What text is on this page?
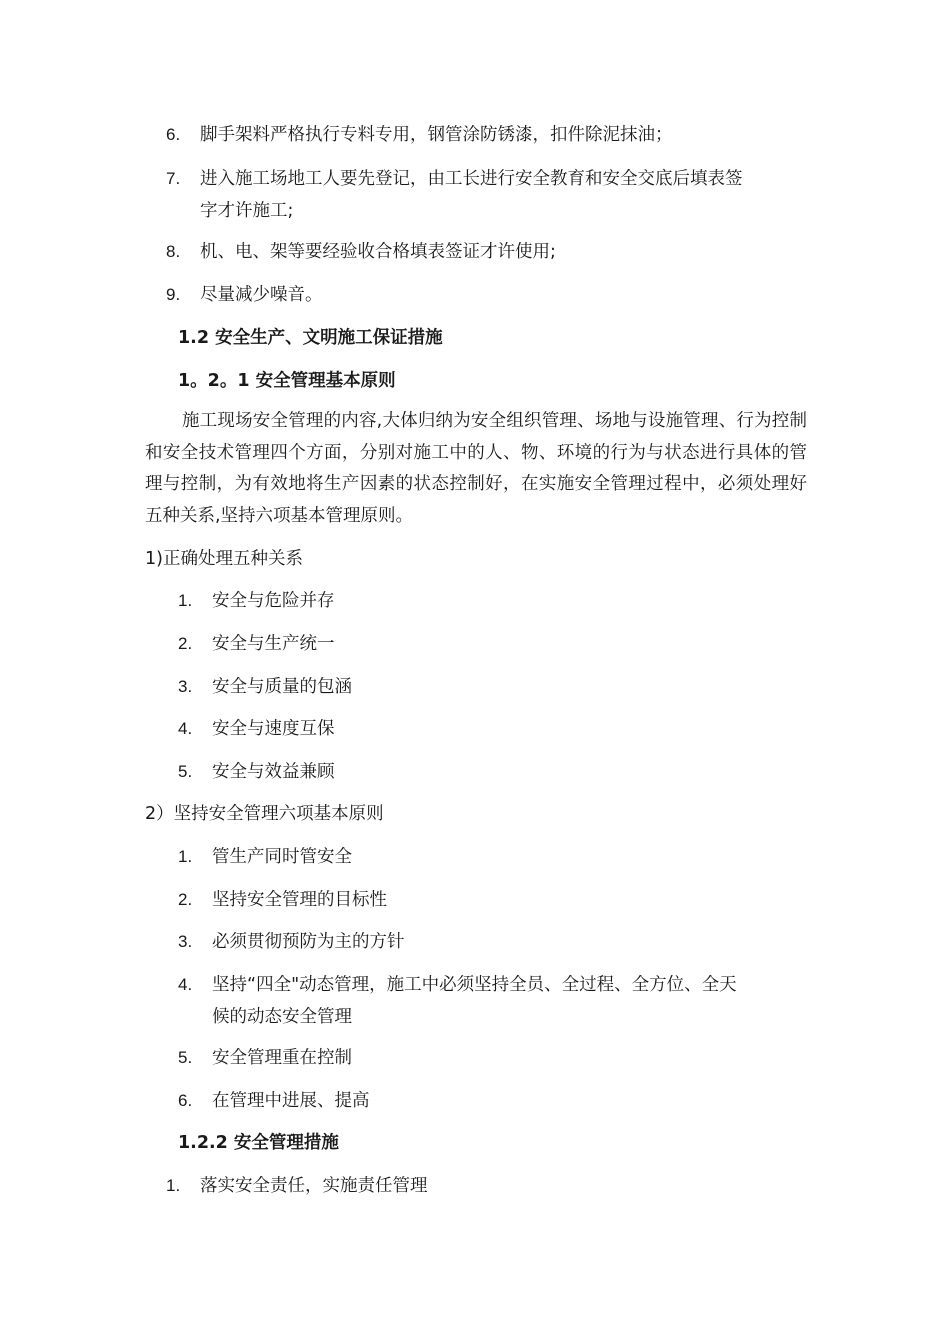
6. 脚手架料严格执行专料专用，钢管涂防锈漆，扣件除泥抹油；
7. 进入施工场地工人要先登记，由工长进行安全教育和安全交底后填表签
字才许施工;
8. 机、电、架等要经验收合格填表签证才许使用;
9. 尽量减少噪音。
1.2 安全生产、文明施工保证措施
1。2。1 安全管理基本原则
施工现场安全管理的内容,大体归纳为安全组织管理、场地与设施管理、行为控制和安全技术管理四个方面，分别对施工中的人、物、环境的行为与状态进行具体的管理与控制，为有效地将生产因素的状态控制好，在实施安全管理过程中，必须处理好五种关系,坚持六项基本管理原则。
1)正确处理五种关系
1. 安全与危险并存
2. 安全与生产统一
3. 安全与质量的包涵
4. 安全与速度互保
5. 安全与效益兼顾
2）坚持安全管理六项基本原则
1. 管生产同时管安全
2. 坚持安全管理的目标性
3. 必须贯彻预防为主的方针
4. 坚持“四全"动态管理，施工中必须坚持全员、全过程、全方位、全天
候的动态安全管理
5. 安全管理重在控制
6. 在管理中进展、提高
1.2.2 安全管理措施
1. 落实安全责任，实施责任管理
